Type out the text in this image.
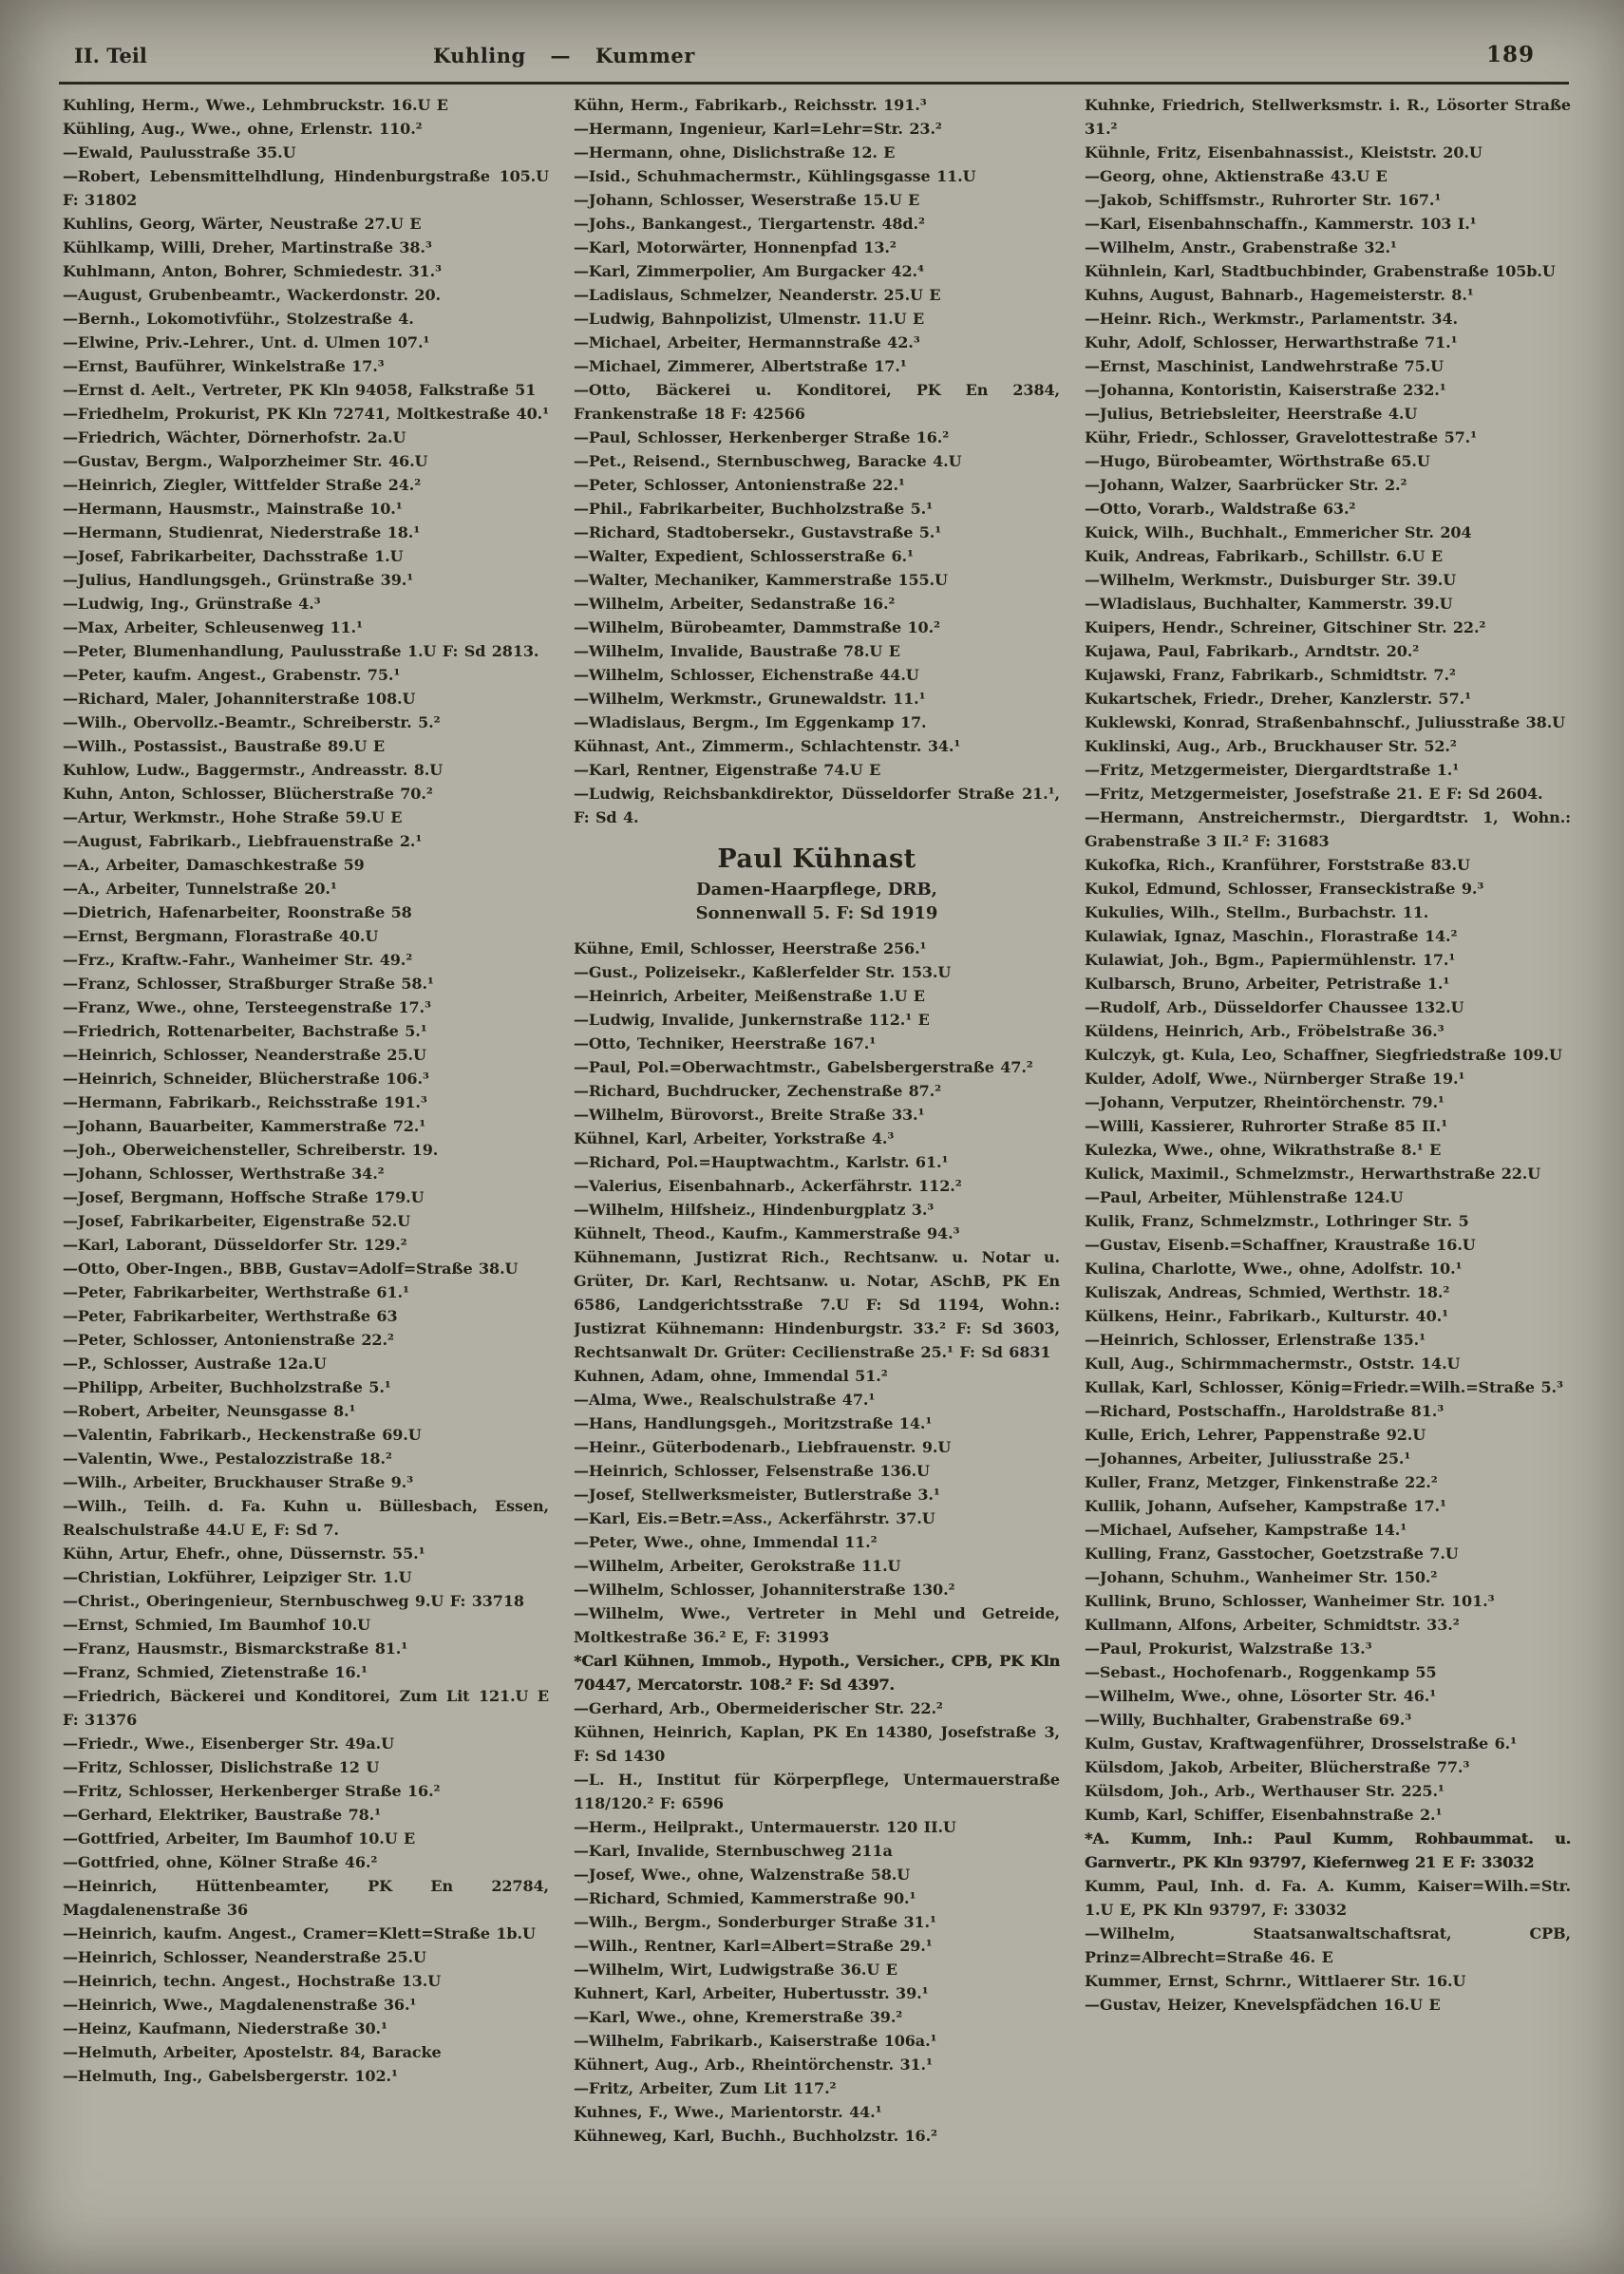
II. Teil	Kuhling — Kummer	189

Kuhling, Herm., Wwe., Lehmbruckstr. 16.U E

Kühling, Aug., Wwe., ohne, Erlenstr. 110.²

—Ewald, Paulusstraße 35.U

—Robert, Lebensmittelhdlung, Hindenburgstraße 105.U F: 31802

Kuhlins, Georg, Wärter, Neustraße 27.U E

Kühlkamp, Willi, Dreher, Martinstraße 38.³

Kuhlmann, Anton, Bohrer, Schmiedestr. 31.³

—August, Grubenbeamtr., Wackerdonstr. 20.

—Bernh., Lokomotivführ., Stolzestraße 4.

—Elwine, Priv.-Lehrer., Unt. d. Ulmen 107.¹

—Ernst, Bauführer, Winkelstraße 17.³

—Ernst d. Aelt., Vertreter, PK Kln 94058, Falkstraße 51

—Friedhelm, Prokurist, PK Kln 72741, Moltkestraße 40.¹

—Friedrich, Wächter, Dörnerhofstr. 2a.U

—Gustav, Bergm., Walporzheimer Str. 46.U

—Heinrich, Ziegler, Wittfelder Straße 24.²

—Hermann, Hausmstr., Mainstraße 10.¹

—Hermann, Studienrat, Niederstraße 18.¹

—Josef, Fabrikarbeiter, Dachsstraße 1.U

—Julius, Handlungsgeh., Grünstraße 39.¹

—Ludwig, Ing., Grünstraße 4.³

—Max, Arbeiter, Schleusenweg 11.¹

—Peter, Blumenhandlung, Paulusstraße 1.U F: Sd 2813.

—Peter, kaufm. Angest., Grabenstr. 75.¹

—Richard, Maler, Johanniterstraße 108.U

—Wilh., Obervollz.-Beamtr., Schreiberstr. 5.²

—Wilh., Postassist., Baustraße 89.U E

Kuhlow, Ludw., Baggermstr., Andreasstr. 8.U

Kuhn, Anton, Schlosser, Blücherstraße 70.²

—Artur, Werkmstr., Hohe Straße 59.U E

—August, Fabrikarb., Liebfrauenstraße 2.¹

—A., Arbeiter, Damaschkestraße 59

—A., Arbeiter, Tunnelstraße 20.¹

—Dietrich, Hafenarbeiter, Roonstraße 58

—Ernst, Bergmann, Florastraße 40.U

—Frz., Kraftw.-Fahr., Wanheimer Str. 49.²

—Franz, Schlosser, Straßburger Straße 58.¹

—Franz, Wwe., ohne, Tersteegenstraße 17.³

—Friedrich, Rottenarbeiter, Bachstraße 5.¹

—Heinrich, Schlosser, Neanderstraße 25.U

—Heinrich, Schneider, Blücherstraße 106.³

—Hermann, Fabrikarb., Reichsstraße 191.³

—Johann, Bauarbeiter, Kammerstraße 72.¹

—Joh., Oberweichensteller, Schreiberstr. 19.

—Johann, Schlosser, Werthstraße 34.²

—Josef, Bergmann, Hoffsche Straße 179.U

—Josef, Fabrikarbeiter, Eigenstraße 52.U

—Karl, Laborant, Düsseldorfer Str. 129.²

—Otto, Ober-Ingen., BBB, Gustav=Adolf=Straße 38.U

—Peter, Fabrikarbeiter, Werthstraße 61.¹

—Peter, Fabrikarbeiter, Werthstraße 63

—Peter, Schlosser, Antonienstraße 22.²

—P., Schlosser, Austraße 12a.U

—Philipp, Arbeiter, Buchholzstraße 5.¹

—Robert, Arbeiter, Neunsgasse 8.¹

—Valentin, Fabrikarb., Heckenstraße 69.U

—Valentin, Wwe., Pestalozzistraße 18.²

—Wilh., Arbeiter, Bruckhauser Straße 9.³

—Wilh., Teilh. d. Fa. Kuhn u. Büllesbach, Essen, Realschulstraße 44.U E, F: Sd 7.

Kühn, Artur, Ehefr., ohne, Düssernstr. 55.¹

—Christian, Lokführer, Leipziger Str. 1.U

—Christ., Oberingenieur, Sternbuschweg 9.U F: 33718

—Ernst, Schmied, Im Baumhof 10.U

—Franz, Hausmstr., Bismarckstraße 81.¹

—Franz, Schmied, Zietenstraße 16.¹

—Friedrich, Bäckerei und Konditorei, Zum Lit 121.U E F: 31376

—Friedr., Wwe., Eisenberger Str. 49a.U

—Fritz, Schlosser, Dislichstraße 12 U

—Fritz, Schlosser, Herkenberger Straße 16.²

—Gerhard, Elektriker, Baustraße 78.¹

—Gottfried, Arbeiter, Im Baumhof 10.U E

—Gottfried, ohne, Kölner Straße 46.²

—Heinrich, Hüttenbeamter, PK En 22784, Magdalenenstraße 36

—Heinrich, kaufm. Angest., Cramer=Klett=Straße 1b.U

—Heinrich, Schlosser, Neanderstraße 25.U

—Heinrich, techn. Angest., Hochstraße 13.U

—Heinrich, Wwe., Magdalenenstraße 36.¹

—Heinz, Kaufmann, Niederstraße 30.¹

—Helmuth, Arbeiter, Apostelstr. 84, Baracke

—Helmuth, Ing., Gabelsbergerstr. 102.¹

Kühn, Herm., Fabrikarb., Reichsstr. 191.³

—Hermann, Ingenieur, Karl=Lehr=Str. 23.²

—Hermann, ohne, Dislichstraße 12. E

—Isid., Schuhmachermstr., Kühlingsgasse 11.U

—Johann, Schlosser, Weserstraße 15.U E

—Johs., Bankangest., Tiergartenstr. 48d.²

—Karl, Motorwärter, Honnenpfad 13.²

—Karl, Zimmerpolier, Am Burgacker 42.⁴

—Ladislaus, Schmelzer, Neanderstr. 25.U E

—Ludwig, Bahnpolizist, Ulmenstr. 11.U E

—Michael, Arbeiter, Hermannstraße 42.³

—Michael, Zimmerer, Albertstraße 17.¹

—Otto, Bäckerei u. Konditorei, PK En 2384, Frankenstraße 18 F: 42566

—Paul, Schlosser, Herkenberger Straße 16.²

—Pet., Reisend., Sternbuschweg, Baracke 4.U

—Peter, Schlosser, Antonienstraße 22.¹

—Phil., Fabrikarbeiter, Buchholzstraße 5.¹

—Richard, Stadtobersekr., Gustavstraße 5.¹

—Walter, Expedient, Schlosserstraße 6.¹

—Walter, Mechaniker, Kammerstraße 155.U

—Wilhelm, Arbeiter, Sedanstraße 16.²

—Wilhelm, Bürobeamter, Dammstraße 10.²

—Wilhelm, Invalide, Baustraße 78.U E

—Wilhelm, Schlosser, Eichenstraße 44.U

—Wilhelm, Werkmstr., Grunewaldstr. 11.¹

—Wladislaus, Bergm., Im Eggenkamp 17.

Kühnast, Ant., Zimmerm., Schlachtenstr. 34.¹

—Karl, Rentner, Eigenstraße 74.U E

—Ludwig, Reichsbankdirektor, Düsseldorfer Straße 21.¹, F: Sd 4.

Paul Kühnast

Damen-Haarpflege, DRB,

Sonnenwall 5. F: Sd 1919

Kühne, Emil, Schlosser, Heerstraße 256.¹

—Gust., Polizeisekr., Kaßlerfelder Str. 153.U

—Heinrich, Arbeiter, Meißenstraße 1.U E

—Ludwig, Invalide, Junkernstraße 112.¹ E

—Otto, Techniker, Heerstraße 167.¹

—Paul, Pol.=Oberwachtmstr., Gabelsbergerstraße 47.²

—Richard, Buchdrucker, Zechenstraße 87.²

—Wilhelm, Bürovorst., Breite Straße 33.¹

Kühnel, Karl, Arbeiter, Yorkstraße 4.³

—Richard, Pol.=Hauptwachtm., Karlstr. 61.¹

—Valerius, Eisenbahnarb., Ackerfährstr. 112.²

—Wilhelm, Hilfsheiz., Hindenburgplatz 3.³

Kühnelt, Theod., Kaufm., Kammerstraße 94.³

Kühnemann, Justizrat Rich., Rechtsanw. u. Notar u. Grüter, Dr. Karl, Rechtsanw. u. Notar, ASchB, PK En 6586, Landgerichtsstraße 7.U F: Sd 1194, Wohn.: Justizrat Kühnemann: Hindenburgstr. 33.² F: Sd 3603, Rechtsanwalt Dr. Grüter: Cecilienstraße 25.¹ F: Sd 6831

Kuhnen, Adam, ohne, Immendal 51.²

—Alma, Wwe., Realschulstraße 47.¹

—Hans, Handlungsgeh., Moritzstraße 14.¹

—Heinr., Güterbodenarb., Liebfrauenstr. 9.U

—Heinrich, Schlosser, Felsenstraße 136.U

—Josef, Stellwerksmeister, Butlerstraße 3.¹

—Karl, Eis.=Betr.=Ass., Ackerfährstr. 37.U

—Peter, Wwe., ohne, Immendal 11.²

—Wilhelm, Arbeiter, Gerokstraße 11.U

—Wilhelm, Schlosser, Johanniterstraße 130.²

—Wilhelm, Wwe., Vertreter in Mehl und Getreide, Moltkestraße 36.² E, F: 31993

*Carl Kühnen, Immob., Hypoth., Versicher., CPB, PK Kln 70447, Mercatorstr. 108.² F: Sd 4397.

—Gerhard, Arb., Obermeiderischer Str. 22.²

Kühnen, Heinrich, Kaplan, PK En 14380, Josefstraße 3, F: Sd 1430

—L. H., Institut für Körperpflege, Untermauerstraße 118/120.² F: 6596

—Herm., Heilprakt., Untermauerstr. 120 II.U

—Karl, Invalide, Sternbuschweg 211a

—Josef, Wwe., ohne, Walzenstraße 58.U

—Richard, Schmied, Kammerstraße 90.¹

—Wilh., Bergm., Sonderburger Straße 31.¹

—Wilh., Rentner, Karl=Albert=Straße 29.¹

—Wilhelm, Wirt, Ludwigstraße 36.U E

Kuhnert, Karl, Arbeiter, Hubertusstr. 39.¹

—Karl, Wwe., ohne, Kremerstraße 39.²

—Wilhelm, Fabrikarb., Kaiserstraße 106a.¹

Kühnert, Aug., Arb., Rheintörchenstr. 31.¹

—Fritz, Arbeiter, Zum Lit 117.²

Kuhnes, F., Wwe., Marientorstr. 44.¹

Kühneweg, Karl, Buchh., Buchholzstr. 16.²

Kuhnke, Friedrich, Stellwerksmstr. i. R., Lösorter Straße 31.²

Kühnle, Fritz, Eisenbahnassist., Kleiststr. 20.U

—Georg, ohne, Aktienstraße 43.U E

—Jakob, Schiffsmstr., Ruhrorter Str. 167.¹

—Karl, Eisenbahnschaffn., Kammerstr. 103 I.¹

—Wilhelm, Anstr., Grabenstraße 32.¹

Kühnlein, Karl, Stadtbuchbinder, Grabenstraße 105b.U

Kuhns, August, Bahnarb., Hagemeisterstr. 8.¹

—Heinr. Rich., Werkmstr., Parlamentstr. 34.

Kuhr, Adolf, Schlosser, Herwarthstraße 71.¹

—Ernst, Maschinist, Landwehrstraße 75.U

—Johanna, Kontoristin, Kaiserstraße 232.¹

—Julius, Betriebsleiter, Heerstraße 4.U

Kühr, Friedr., Schlosser, Gravelottestraße 57.¹

—Hugo, Bürobeamter, Wörthstraße 65.U

—Johann, Walzer, Saarbrücker Str. 2.²

—Otto, Vorarb., Waldstraße 63.²

Kuick, Wilh., Buchhalt., Emmericher Str. 204

Kuik, Andreas, Fabrikarb., Schillstr. 6.U E

—Wilhelm, Werkmstr., Duisburger Str. 39.U

—Wladislaus, Buchhalter, Kammerstr. 39.U

Kuipers, Hendr., Schreiner, Gitschiner Str. 22.²

Kujawa, Paul, Fabrikarb., Arndtstr. 20.²

Kujawski, Franz, Fabrikarb., Schmidtstr. 7.²

Kukartschek, Friedr., Dreher, Kanzlerstr. 57.¹

Kuklewski, Konrad, Straßenbahnschf., Juliusstraße 38.U

Kuklinski, Aug., Arb., Bruckhauser Str. 52.²

—Fritz, Metzgermeister, Diergardtstraße 1.¹

—Fritz, Metzgermeister, Josefstraße 21. E F: Sd 2604.

—Hermann, Anstreichermstr., Diergardtstr. 1, Wohn.: Grabenstraße 3 II.² F: 31683

Kukofka, Rich., Kranführer, Forststraße 83.U

Kukol, Edmund, Schlosser, Franseckistraße 9.³

Kukulies, Wilh., Stellm., Burbachstr. 11.

Kulawiak, Ignaz, Maschin., Florastraße 14.²

Kulawiat, Joh., Bgm., Papiermühlenstr. 17.¹

Kulbarsch, Bruno, Arbeiter, Petristraße 1.¹

—Rudolf, Arb., Düsseldorfer Chaussee 132.U

Küldens, Heinrich, Arb., Fröbelstraße 36.³

Kulczyk, gt. Kula, Leo, Schaffner, Siegfriedstraße 109.U

Kulder, Adolf, Wwe., Nürnberger Straße 19.¹

—Johann, Verputzer, Rheintörchenstr. 79.¹

—Willi, Kassierer, Ruhrorter Straße 85 II.¹

Kulezka, Wwe., ohne, Wikrathstraße 8.¹ E

Kulick, Maximil., Schmelzmstr., Herwarthstraße 22.U

—Paul, Arbeiter, Mühlenstraße 124.U

Kulik, Franz, Schmelzmstr., Lothringer Str. 5

—Gustav, Eisenb.=Schaffner, Kraustraße 16.U

Kulina, Charlotte, Wwe., ohne, Adolfstr. 10.¹

Kuliszak, Andreas, Schmied, Werthstr. 18.²

Külkens, Heinr., Fabrikarb., Kulturstr. 40.¹

—Heinrich, Schlosser, Erlenstraße 135.¹

Kull, Aug., Schirmmachermstr., Oststr. 14.U

Kullak, Karl, Schlosser, König=Friedr.=Wilh.=Straße 5.³

—Richard, Postschaffn., Haroldstraße 81.³

Kulle, Erich, Lehrer, Pappenstraße 92.U

—Johannes, Arbeiter, Juliusstraße 25.¹

Kuller, Franz, Metzger, Finkenstraße 22.²

Kullik, Johann, Aufseher, Kampstraße 17.¹

—Michael, Aufseher, Kampstraße 14.¹

Kulling, Franz, Gasstocher, Goetzstraße 7.U

—Johann, Schuhm., Wanheimer Str. 150.²

Kullink, Bruno, Schlosser, Wanheimer Str. 101.³

Kullmann, Alfons, Arbeiter, Schmidtstr. 33.²

—Paul, Prokurist, Walzstraße 13.³

—Sebast., Hochofenarb., Roggenkamp 55

—Wilhelm, Wwe., ohne, Lösorter Str. 46.¹

—Willy, Buchhalter, Grabenstraße 69.³

Kulm, Gustav, Kraftwagenführer, Drosselstraße 6.¹

Külsdom, Jakob, Arbeiter, Blücherstraße 77.³

Külsdom, Joh., Arb., Werthauser Str. 225.¹

Kumb, Karl, Schiffer, Eisenbahnstraße 2.¹

*A. Kumm, Inh.: Paul Kumm, Rohbaummat. u. Garnvertr., PK Kln 93797, Kiefernweg 21 E F: 33032

Kumm, Paul, Inh. d. Fa. A. Kumm, Kaiser=Wilh.=Str. 1.U E, PK Kln 93797, F: 33032

—Wilhelm, Staatsanwaltschaftsrat, CPB, Prinz=Albrecht=Straße 46. E

Kummer, Ernst, Schrnr., Wittlaerer Str. 16.U

—Gustav, Heizer, Knevelspfädchen 16.U E
